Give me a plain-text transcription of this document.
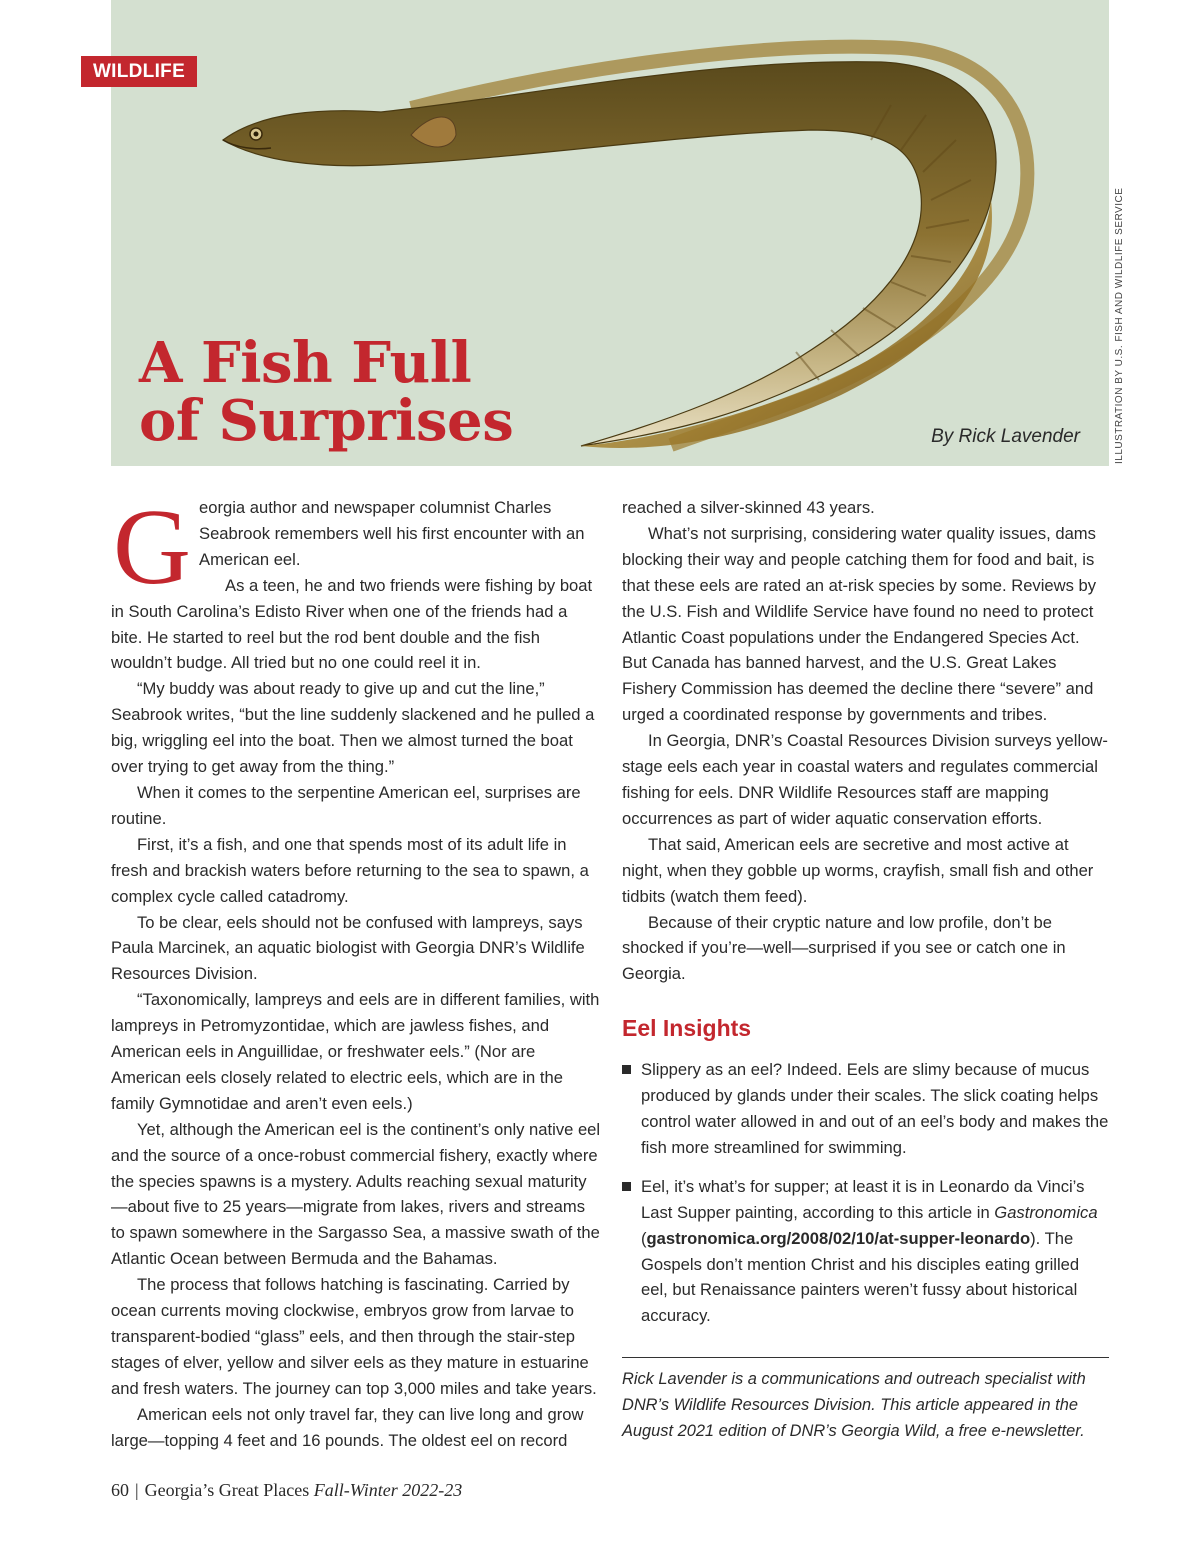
WILDLIFE
A Fish Full
of Surprises	By Rick Lavender	ILLUSTRATION BY U.S. FISH AND WILDLIFE SERVICE

Georgia author and newspaper columnist Charles Seabrook remembers well his first encounter with an American eel.

As a teen, he and two friends were fishing by boat in South Carolina’s Edisto River when one of the friends had a bite. He started to reel but the rod bent double and the fish wouldn’t budge. All tried but no one could reel it in.

“My buddy was about ready to give up and cut the line,” Seabrook writes, “but the line suddenly slackened and he pulled a big, wriggling eel into the boat. Then we almost turned the boat over trying to get away from the thing.”

When it comes to the serpentine American eel, surprises are routine.

First, it’s a fish, and one that spends most of its adult life in fresh and brackish waters before returning to the sea to spawn, a complex cycle called catadromy.

To be clear, eels should not be confused with lampreys, says Paula Marcinek, an aquatic biologist with Georgia DNR’s Wildlife Resources Division.

“Taxonomically, lampreys and eels are in different families, with lampreys in Petromyzontidae, which are jawless fishes, and American eels in Anguillidae, or freshwater eels.” (Nor are American eels closely related to electric eels, which are in the family Gymnotidae and aren’t even eels.)

Yet, although the American eel is the continent’s only native eel and the source of a once-robust commercial fishery, exactly where the species spawns is a mystery. Adults reaching sexual maturity—about five to 25 years—migrate from lakes, rivers and streams to spawn somewhere in the Sargasso Sea, a massive swath of the Atlantic Ocean between Bermuda and the Bahamas.

The process that follows hatching is fascinating. Carried by ocean currents moving clockwise, embryos grow from larvae to transparent-bodied “glass” eels, and then through the stair-step stages of elver, yellow and silver eels as they mature in estuarine and fresh waters. The journey can top 3,000 miles and take years.

American eels not only travel far, they can live long and grow large—topping 4 feet and 16 pounds. The oldest eel on record

reached a silver-skinned 43 years.

What’s not surprising, considering water quality issues, dams blocking their way and people catching them for food and bait, is that these eels are rated an at-risk species by some. Reviews by the U.S. Fish and Wildlife Service have found no need to protect Atlantic Coast populations under the Endangered Species Act. But Canada has banned harvest, and the U.S. Great Lakes Fishery Commission has deemed the decline there “severe” and urged a coordinated response by governments and tribes.

In Georgia, DNR’s Coastal Resources Division surveys yellow-stage eels each year in coastal waters and regulates commercial fishing for eels. DNR Wildlife Resources staff are mapping occurrences as part of wider aquatic conservation efforts.

That said, American eels are secretive and most active at night, when they gobble up worms, crayfish, small fish and other tidbits (watch them feed).

Because of their cryptic nature and low profile, don’t be shocked if you’re—well—surprised if you see or catch one in Georgia.

Eel Insights
Slippery as an eel? Indeed. Eels are slimy because of mucus produced by glands under their scales. The slick coating helps control water allowed in and out of an eel’s body and makes the fish more streamlined for swimming.
Eel, it’s what’s for supper; at least it is in Leonardo da Vinci’s Last Supper painting, according to this article in Gastronomica (gastronomica.org/2008/02/10/at-supper-leonardo). The Gospels don’t mention Christ and his disciples eating grilled eel, but Renaissance painters weren’t fussy about historical accuracy.
Rick Lavender is a communications and outreach specialist with DNR’s Wildlife Resources Division. This article appeared in the August 2021 edition of DNR’s Georgia Wild, a free e-newsletter.
60 | Georgia’s Great Places Fall-Winter 2022-23
